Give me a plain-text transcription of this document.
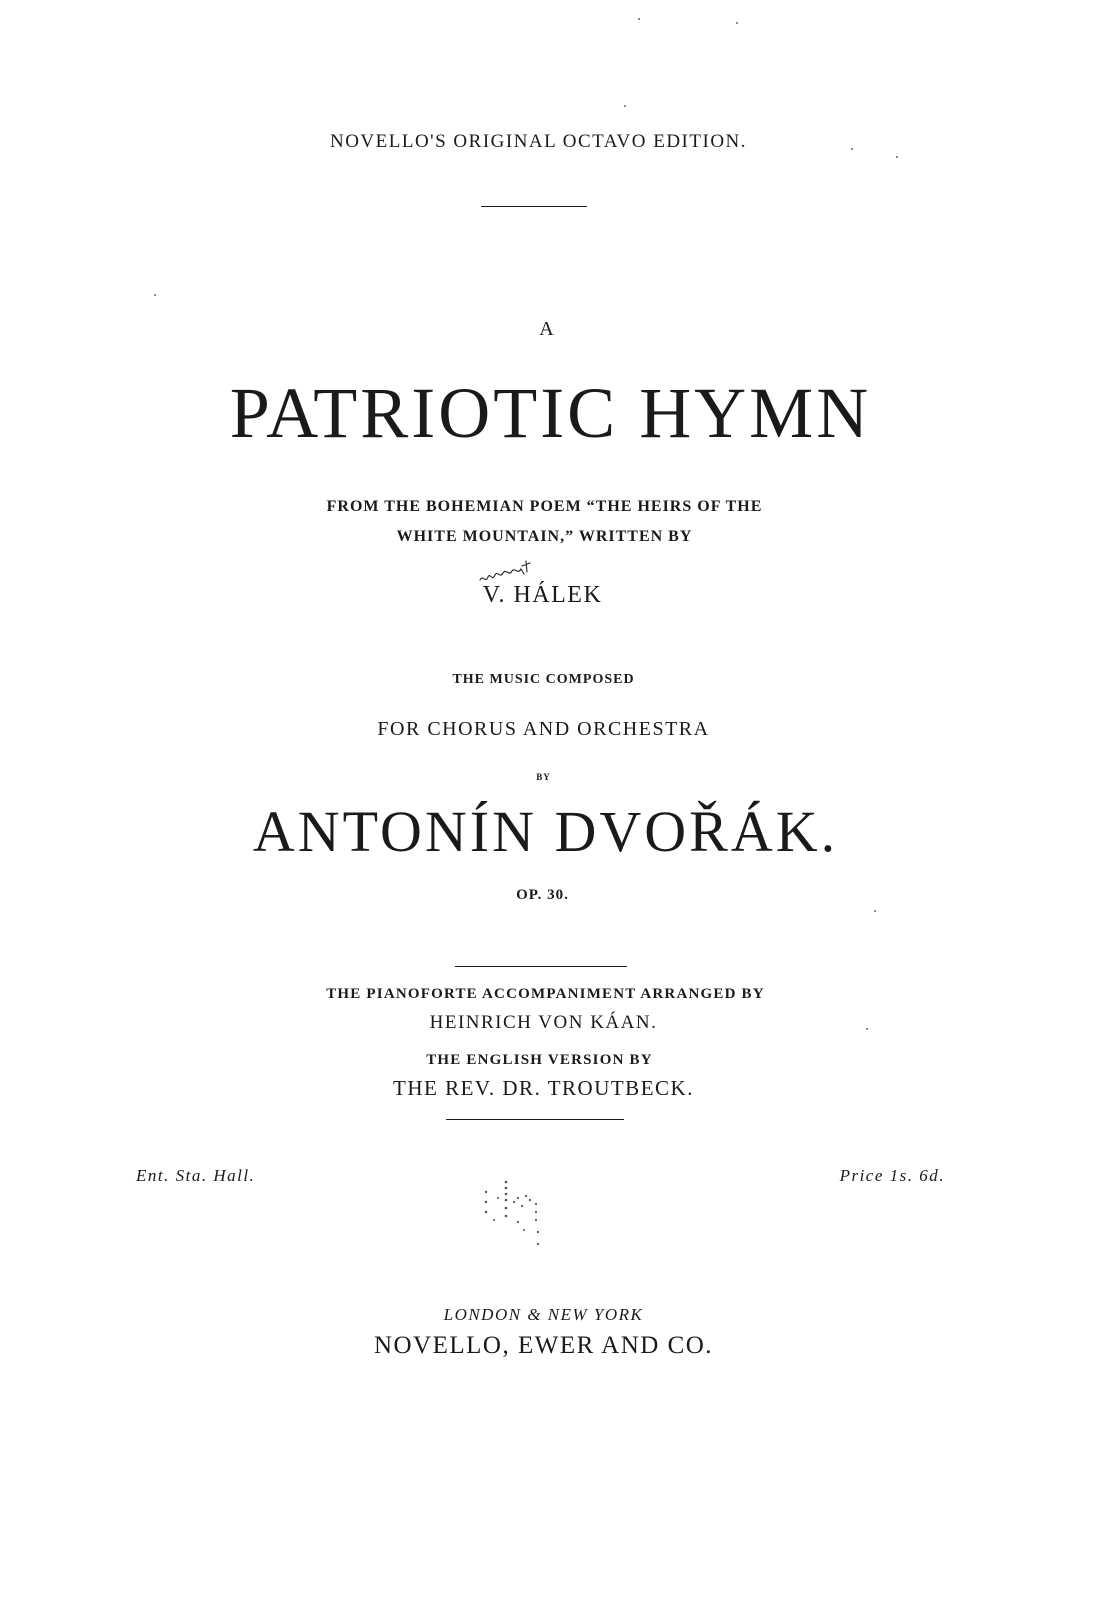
NOVELLO'S ORIGINAL OCTAVO EDITION.
A
PATRIOTIC HYMN
FROM THE BOHEMIAN POEM “THE HEIRS OF THE
WHITE MOUNTAIN,” WRITTEN BY
V. HÁLEK
THE MUSIC COMPOSED
FOR CHORUS AND ORCHESTRA
BY
ANTONÍN DVOŘÁK.
OP. 30.
THE PIANOFORTE ACCOMPANIMENT ARRANGED BY
HEINRICH VON KÁAN.
THE ENGLISH VERSION BY
THE REV. DR. TROUTBECK.
Ent. Sta. Hall.	Price 1s. 6d.
LONDON & NEW YORK
NOVELLO, EWER AND CO.
